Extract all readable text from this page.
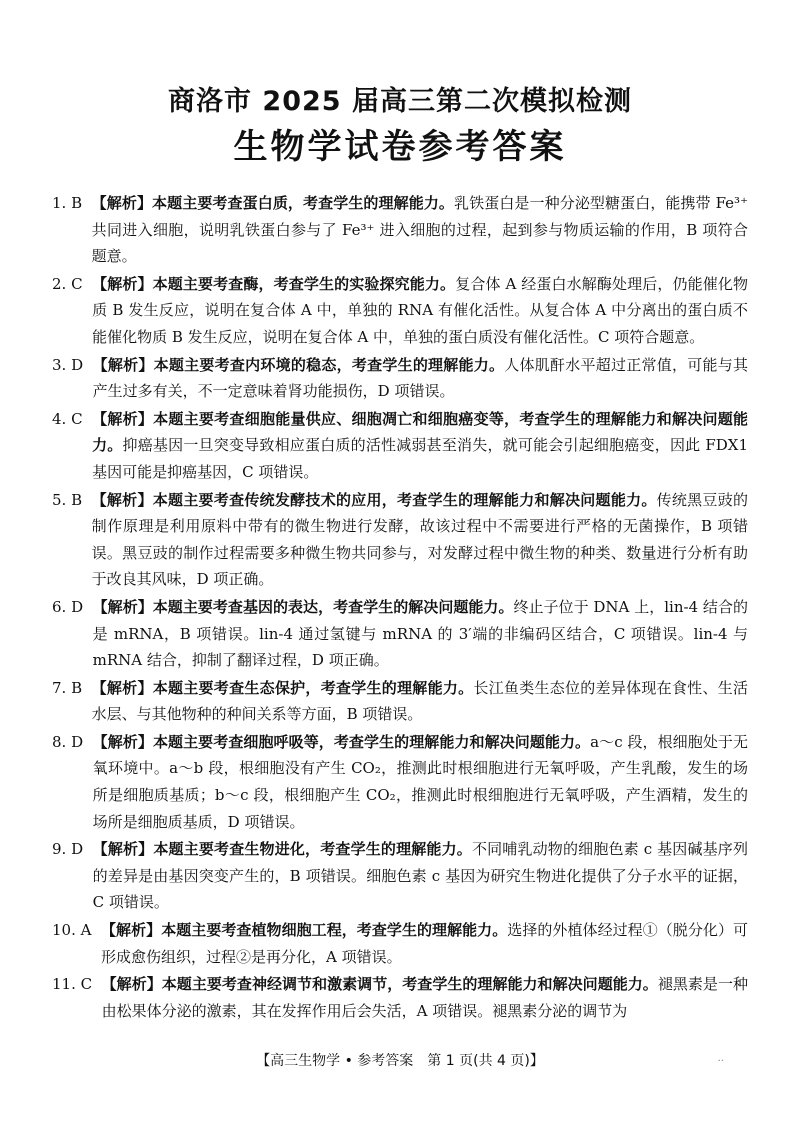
商洛市 2025 届高三第二次模拟检测
生物学试卷参考答案
1. B 【解析】本题主要考查蛋白质，考查学生的理解能力。乳铁蛋白是一种分泌型糖蛋白，能携带 Fe³⁺ 共同进入细胞，说明乳铁蛋白参与了 Fe³⁺ 进入细胞的过程，起到参与物质运输的作用，B 项符合题意。
2. C 【解析】本题主要考查酶，考查学生的实验探究能力。复合体 A 经蛋白水解酶处理后，仍能催化物质 B 发生反应，说明在复合体 A 中，单独的 RNA 有催化活性。从复合体 A 中分离出的蛋白质不能催化物质 B 发生反应，说明在复合体 A 中，单独的蛋白质没有催化活性。C 项符合题意。
3. D 【解析】本题主要考查内环境的稳态，考查学生的理解能力。人体肌酐水平超过正常值，可能与其产生过多有关，不一定意味着肾功能损伤，D 项错误。
4. C 【解析】本题主要考查细胞能量供应、细胞凋亡和细胞癌变等，考查学生的理解能力和解决问题能力。抑癌基因一旦突变导致相应蛋白质的活性减弱甚至消失，就可能会引起细胞癌变，因此 FDX1 基因可能是抑癌基因，C 项错误。
5. B 【解析】本题主要考查传统发酵技术的应用，考查学生的理解能力和解决问题能力。传统黑豆豉的制作原理是利用原料中带有的微生物进行发酵，故该过程中不需要进行严格的无菌操作，B 项错误。黑豆豉的制作过程需要多种微生物共同参与，对发酵过程中微生物的种类、数量进行分析有助于改良其风味，D 项正确。
6. D 【解析】本题主要考查基因的表达，考查学生的解决问题能力。终止子位于 DNA 上，lin-4 结合的是 mRNA，B 项错误。lin-4 通过氢键与 mRNA 的 3′端的非编码区结合，C 项错误。lin-4 与 mRNA 结合，抑制了翻译过程，D 项正确。
7. B 【解析】本题主要考查生态保护，考查学生的理解能力。长江鱼类生态位的差异体现在食性、生活水层、与其他物种的种间关系等方面，B 项错误。
8. D 【解析】本题主要考查细胞呼吸等，考查学生的理解能力和解决问题能力。a～c 段，根细胞处于无氧环境中。a～b 段，根细胞没有产生 CO₂，推测此时根细胞进行无氧呼吸，产生乳酸，发生的场所是细胞质基质；b～c 段，根细胞产生 CO₂，推测此时根细胞进行无氧呼吸，产生酒精，发生的场所是细胞质基质，D 项错误。
9. D 【解析】本题主要考查生物进化，考查学生的理解能力。不同哺乳动物的细胞色素 c 基因碱基序列的差异是由基因突变产生的，B 项错误。细胞色素 c 基因为研究生物进化提供了分子水平的证据，C 项错误。
10. A 【解析】本题主要考查植物细胞工程，考查学生的理解能力。选择的外植体经过程①（脱分化）可形成愈伤组织，过程②是再分化，A 项错误。
11. C 【解析】本题主要考查神经调节和激素调节，考查学生的理解能力和解决问题能力。褪黑素是一种由松果体分泌的激素，其在发挥作用后会失活，A 项错误。褪黑素分泌的调节为
【高三生物学 • 参考答案　第 1 页(共 4 页)】	··
